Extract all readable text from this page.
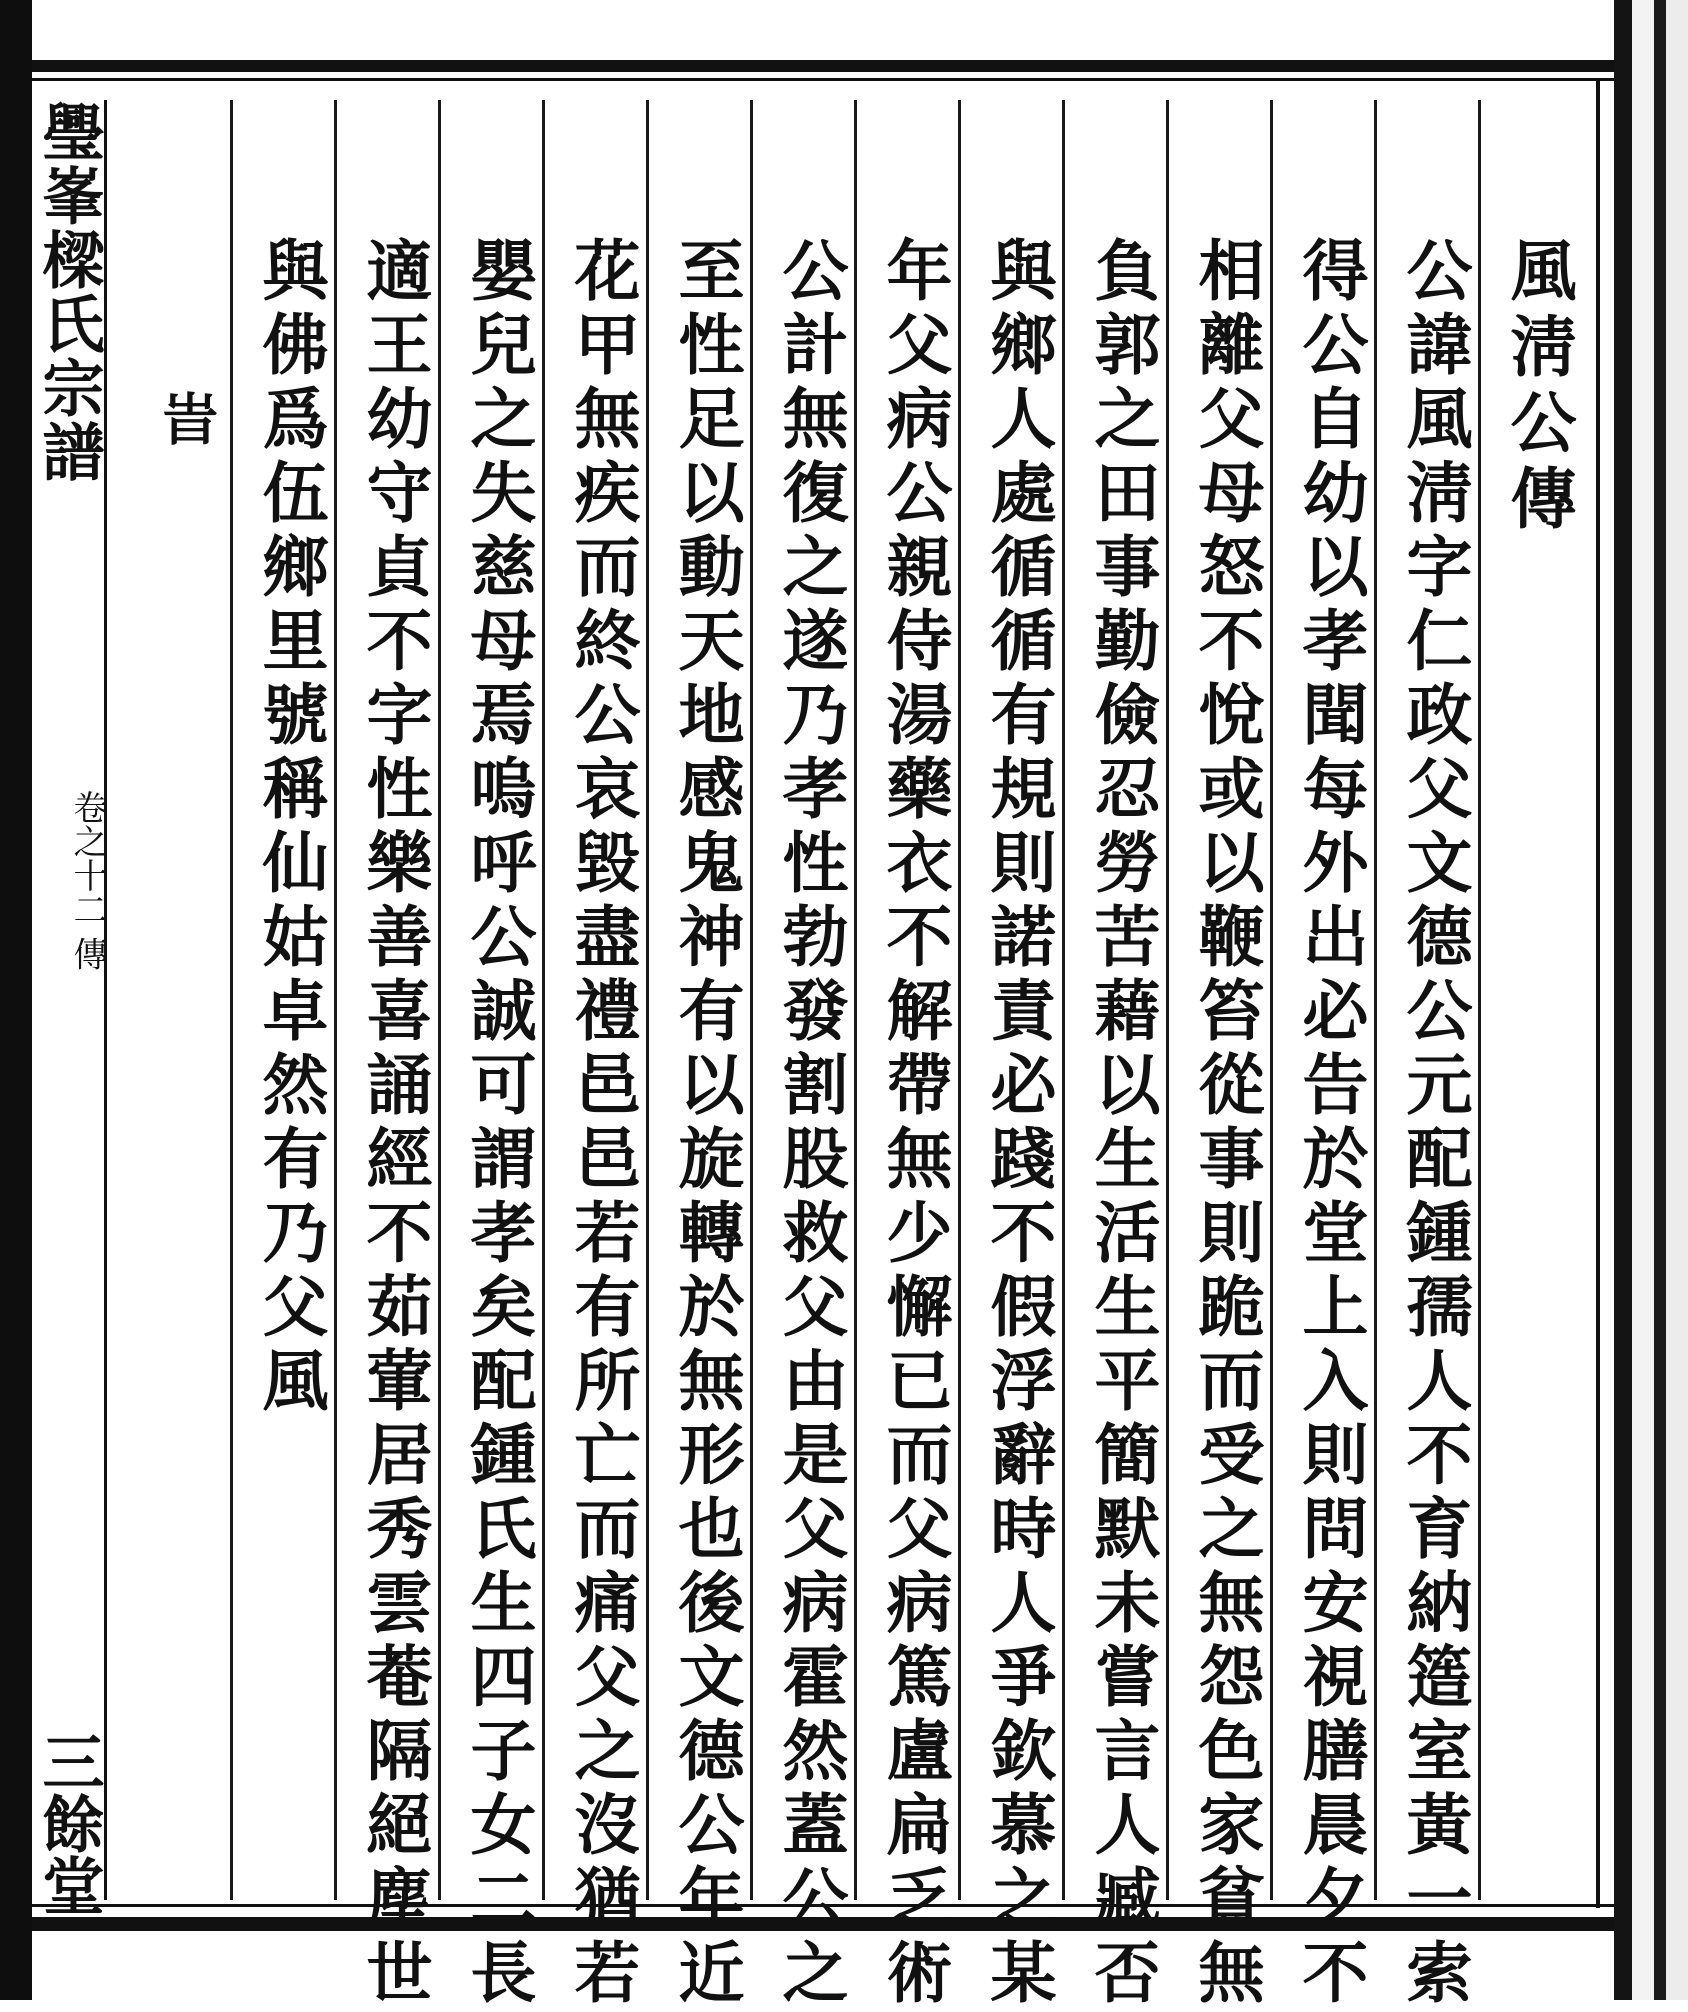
璺峯樑氏宗譜
卷之十二 傳
三餘堂
風淸公傳
公諱風淸字仁政父文德公元配鍾孺人不育納簉室黃一索
得公自幼以孝聞每外出必告於堂上入則問安視膳晨夕不
相離父母怒不悅或以鞭笞從事則跪而受之無怨色家貧無
負郭之田事勤儉忍勞苦藉以生活生平簡默未嘗言人臧否
與鄉人處循循有規則諾責必踐不假浮辭時人爭欽慕之某
年父病公親侍湯藥衣不解帶無少懈已而父病篤盧扁乏術
公計無復之遂乃孝性勃發割股救父由是父病霍然蓋公之
至性足以動天地感鬼神有以旋轉於無形也後文德公年近
花甲無疾而終公哀毀盡禮邑邑若有所亡而痛父之沒猶若
嬰兒之失慈母焉嗚呼公誠可謂孝矣配鍾氏生四子女二長
適王幼守貞不字性樂善喜誦經不茹葷居秀雲菴隔絕塵世
與佛爲伍鄉里號稱仙姑卓然有乃父風
旹
